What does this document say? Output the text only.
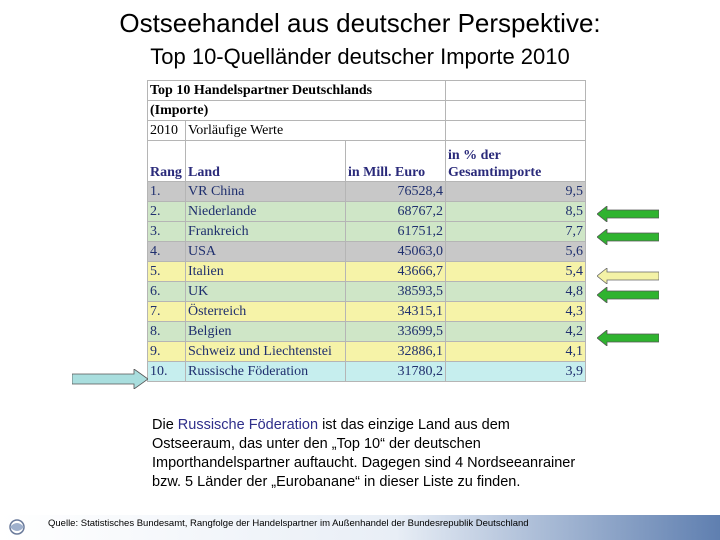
Ostseehandel aus deutscher Perspektive:
Top 10-Quelländer deutscher Importe 2010
Top 10 Handelspartner Deutschlands			
(Importe)			
2010	Vorläufige Werte		
Rang	Land	in Mill. Euro	in % der
Gesamtimporte

1.	VR China	76528,4	9,5
2.	Niederlande	68767,2	8,5
3.	Frankreich	61751,2	7,7
4.	USA	45063,0	5,6
5.	Italien	43666,7	5,4
6.	UK	38593,5	4,8
7.	Österreich	34315,1	4,3
8.	Belgien	33699,5	4,2
9.	Schweiz und Liechtenstei	32886,1	4,1
10.	Russische Föderation	31780,2	3,9
Die Russische Föderation ist das einzige Land aus dem Ostseeraum, das unter den „Top 10“ der deutschen Importhandelspartner auftaucht. Dagegen sind 4 Nordseeanrainer bzw. 5 Länder der „Eurobanane“ in dieser Liste zu finden.
Quelle: Statistisches Bundesamt, Rangfolge der Handelspartner im Außenhandel der Bundesrepublik Deutschland
